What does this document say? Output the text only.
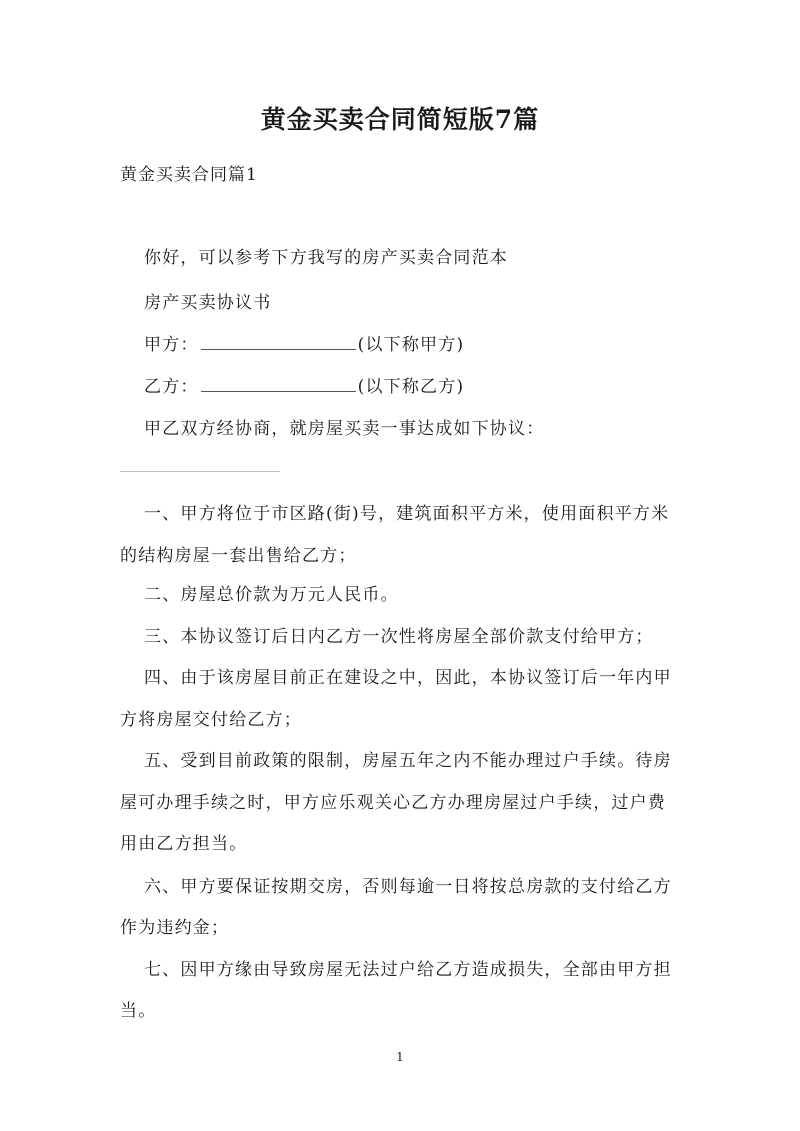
黄金买卖合同简短版7篇
黄金买卖合同篇1
你好，可以参考下方我写的房产买卖合同范本
房产买卖协议书
甲方：	(以下称甲方)
乙方：	(以下称乙方)
甲乙双方经协商，就房屋买卖一事达成如下协议：
一、甲方将位于市区路(街)号，建筑面积平方米，使用面积平方米
的结构房屋一套出售给乙方；
二、房屋总价款为万元人民币。
三、本协议签订后日内乙方一次性将房屋全部价款支付给甲方；
四、由于该房屋目前正在建设之中，因此，本协议签订后一年内甲
方将房屋交付给乙方；
五、受到目前政策的限制，房屋五年之内不能办理过户手续。待房
屋可办理手续之时，甲方应乐观关心乙方办理房屋过户手续，过户费
用由乙方担当。
六、甲方要保证按期交房，否则每逾一日将按总房款的支付给乙方
作为违约金；
七、因甲方缘由导致房屋无法过户给乙方造成损失，全部由甲方担
当。
1
